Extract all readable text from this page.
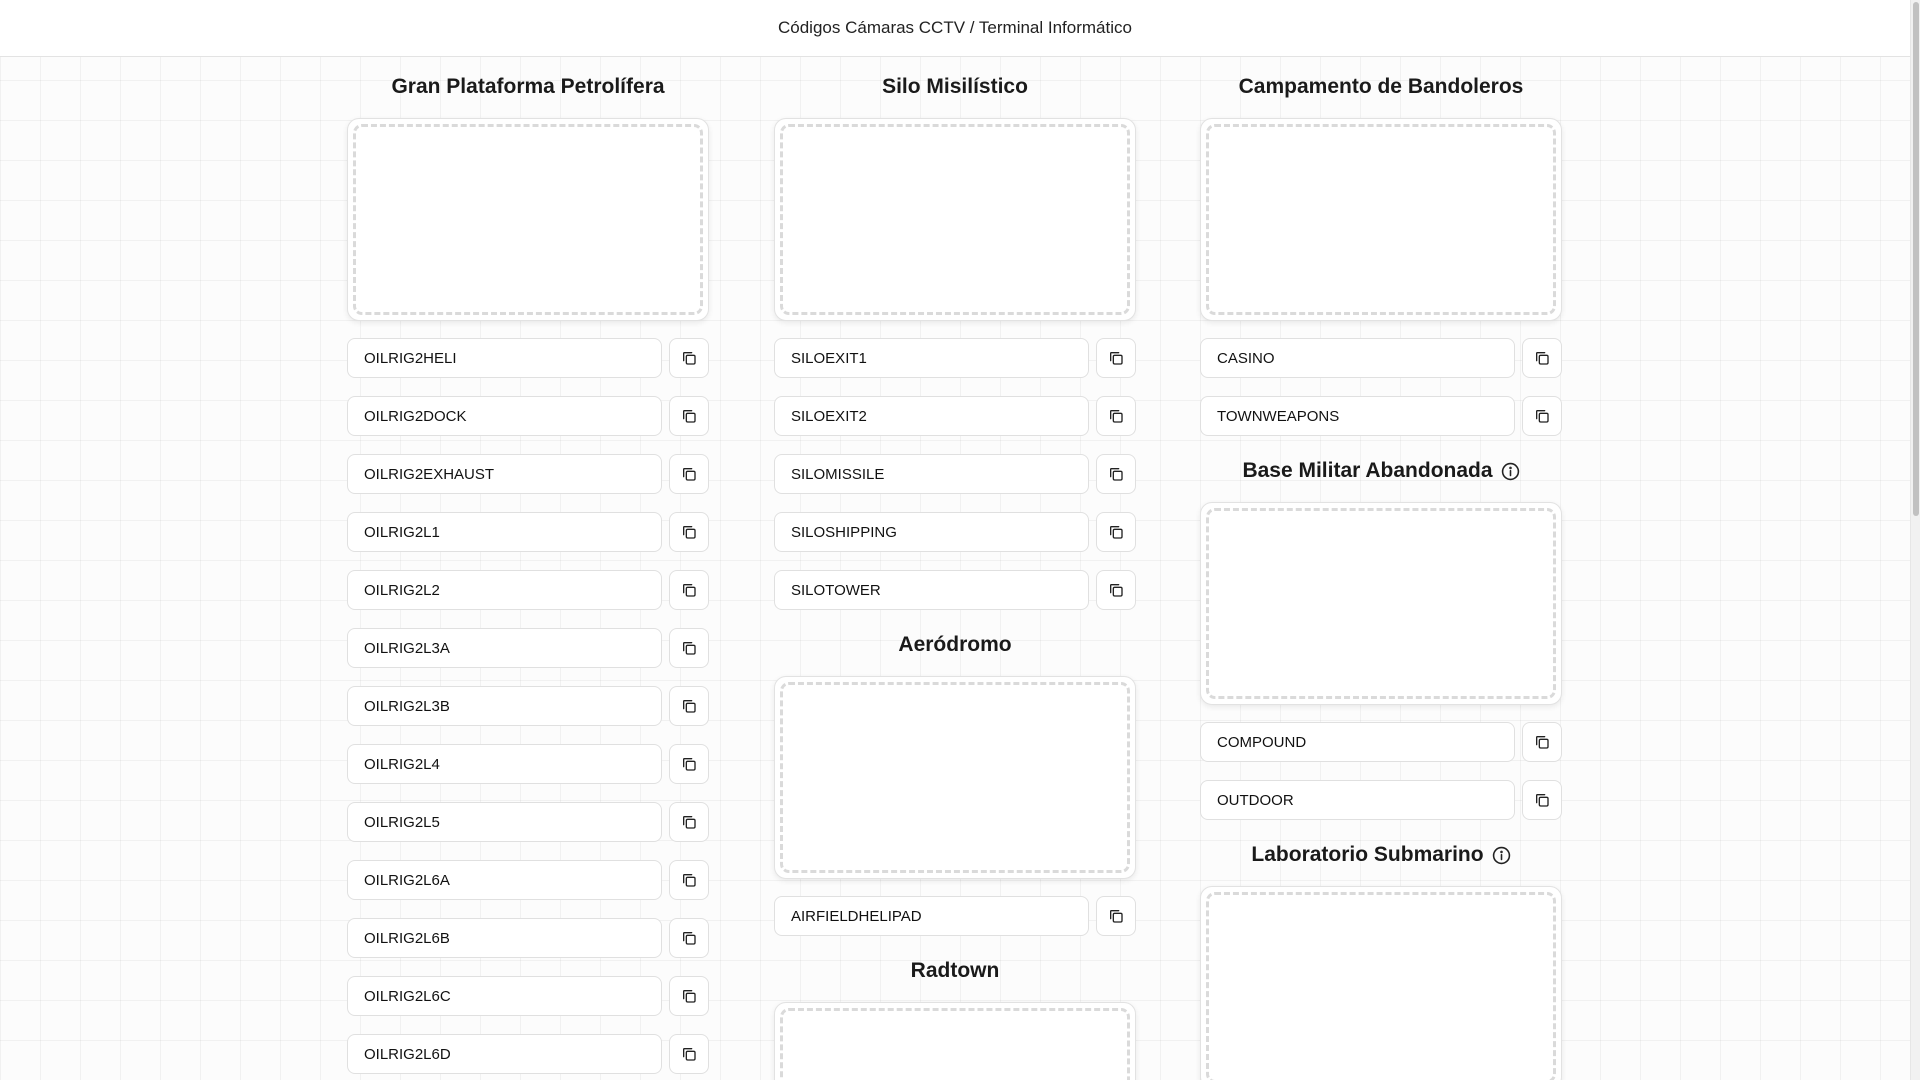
Códigos Cámaras CCTV / Terminal Informático
Gran Plataforma Petrolífera
OILRIG2HELI
OILRIG2DOCK
OILRIG2EXHAUST
OILRIG2L1
OILRIG2L2
OILRIG2L3A
OILRIG2L3B
OILRIG2L4
OILRIG2L5
OILRIG2L6A
OILRIG2L6B
OILRIG2L6C
OILRIG2L6D	Silo Misilístico
SILOEXIT1
SILOEXIT2
SILOMISSILE
SILOSHIPPING
SILOTOWER
Aeródromo
AIRFIELDHELIPAD
Radtown
Campamento de Bandoleros
CASINO
TOWNWEAPONS
Base Militar Abandonada
COMPOUND
OUTDOOR
Laboratorio Submarino
